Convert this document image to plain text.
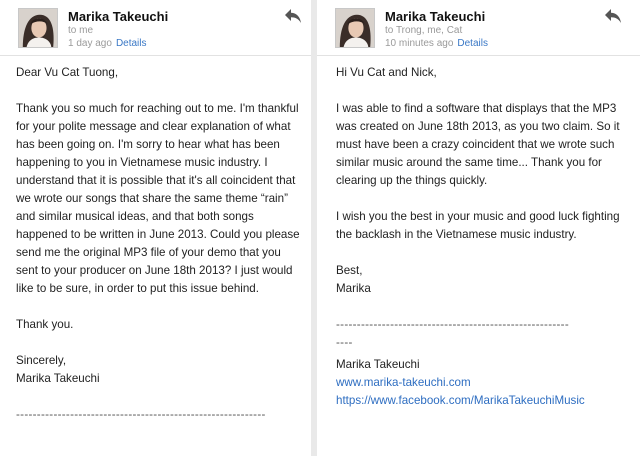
Marika Takeuchi
to me
1 day ago Details

Dear Vu Cat Tuong,

Thank you so much for reaching out to me. I'm thankful for your polite message and clear explanation of what has been going on. I'm sorry to hear what has been happening to you in Vietnamese music industry. I understand that it is possible that it's all coincident that we wrote our songs that share the same theme “rain” and similar musical ideas, and that both songs happened to be written in June 2013. Could you please send me the original MP3 file of your demo that you sent to your producer on June 18th 2013? I just would like to be sure, in order to put this issue behind.

Thank you.

Sincerely,

Marika Takeuchi

------------------------------------------------------------
Marika Takeuchi
to Trong, me, Cat
10 minutes ago Details

Hi Vu Cat and Nick,

I was able to find a software that displays that the MP3 was created on June 18th 2013, as you two claim. So it must have been a crazy coincident that we wrote such similar music around the same time... Thank you for clearing up the things quickly.

I wish you the best in your music and good luck fighting the backlash in the Vietnamese music industry.

Best,

Marika

--------------------------------------------------------
----
Marika Takeuchi
www.marika-takeuchi.com
https://www.facebook.com/MarikaTakeuchiMusic
